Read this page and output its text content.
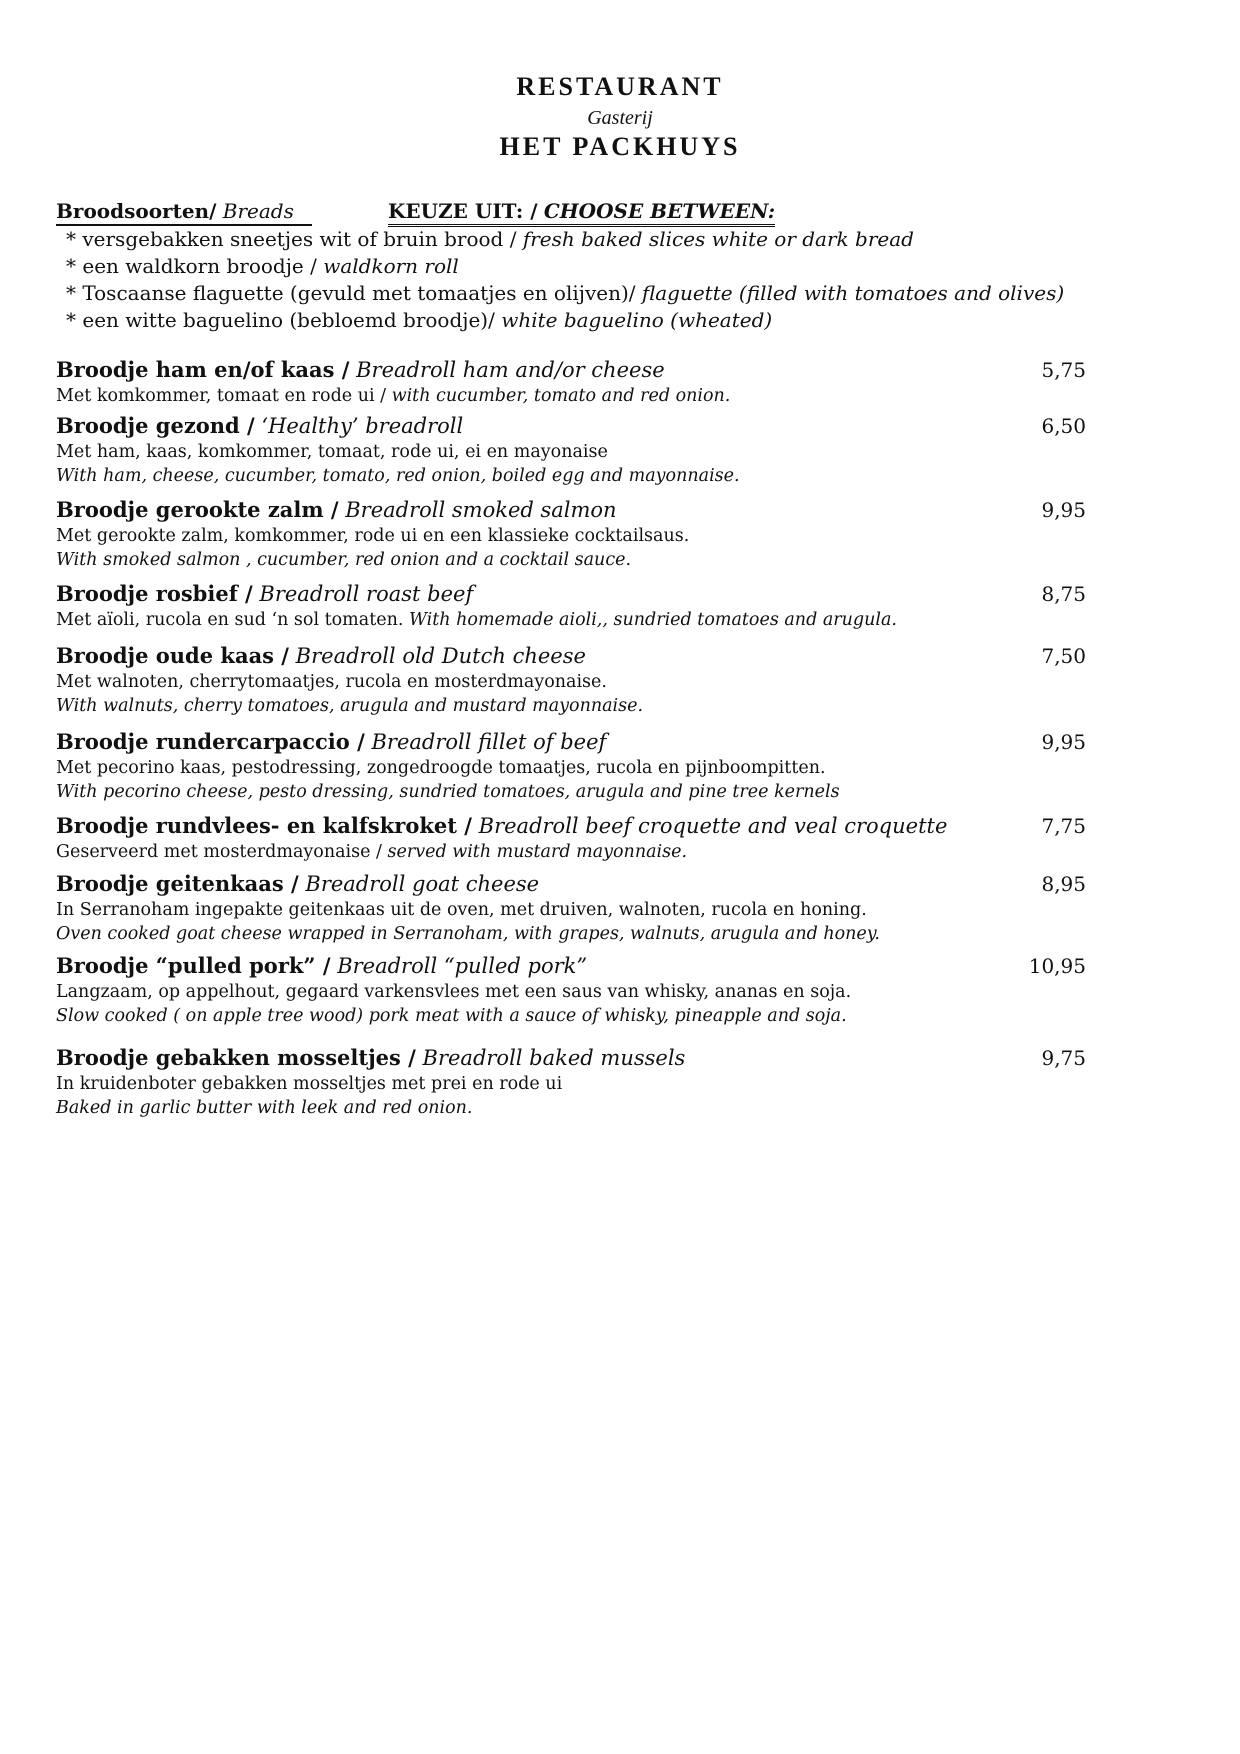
RESTAURANT
Gasterij
HET PACKHUYS
Broodsoorten/ Breads	KEUZE UIT: / CHOOSE BETWEEN:
* versgebakken sneetjes wit of bruin brood / fresh baked slices white or dark bread
* een waldkorn broodje / waldkorn roll
* Toscaanse flaguette (gevuld met tomaatjes en olijven)/ flaguette (filled with tomatoes and olives)
* een witte baguelino (bebloemd broodje)/ white baguelino (wheated)
Broodje ham en/of kaas / Breadroll ham and/or cheese	5,75
Met komkommer, tomaat en rode ui / with cucumber, tomato and red onion.
Broodje gezond / ‘Healthy’ breadroll	6,50
Met ham, kaas, komkommer, tomaat, rode ui, ei en mayonaise
With ham, cheese, cucumber, tomato, red onion, boiled egg and mayonnaise.
Broodje gerookte zalm / Breadroll smoked salmon	9,95
Met gerookte zalm, komkommer, rode ui en een klassieke cocktailsaus.
With smoked salmon , cucumber, red onion and a cocktail sauce.
Broodje rosbief / Breadroll roast beef	8,75
Met aïoli, rucola en sud ‘n sol tomaten. With homemade aioli,, sundried tomatoes and arugula.
Broodje oude kaas / Breadroll old Dutch cheese	7,50
Met walnoten, cherrytomaatjes, rucola en mosterdmayonaise.
With walnuts, cherry tomatoes, arugula and mustard mayonnaise.
Broodje rundercarpaccio / Breadroll fillet of beef	9,95
Met pecorino kaas, pestodressing, zongedroogde tomaatjes, rucola en pijnboompitten.
With pecorino cheese, pesto dressing, sundried tomatoes, arugula and pine tree kernels
Broodje rundvlees- en kalfskroket / Breadroll beef croquette and veal croquette	7,75
Geserveerd met mosterdmayonaise / served with mustard mayonnaise.
Broodje geitenkaas / Breadroll goat cheese	8,95
In Serranoham ingepakte geitenkaas uit de oven, met druiven, walnoten, rucola en honing.
Oven cooked goat cheese wrapped in Serranoham, with grapes, walnuts, arugula and honey.
Broodje “pulled pork” / Breadroll “pulled pork”	10,95
Langzaam, op appelhout, gegaard varkensvlees met een saus van whisky, ananas en soja.
Slow cooked ( on apple tree wood) pork meat with a sauce of whisky, pineapple and soja.
Broodje gebakken mosseltjes / Breadroll baked mussels	9,75
In kruidenboter gebakken mosseltjes met prei en rode ui
Baked in garlic butter with leek and red onion.
